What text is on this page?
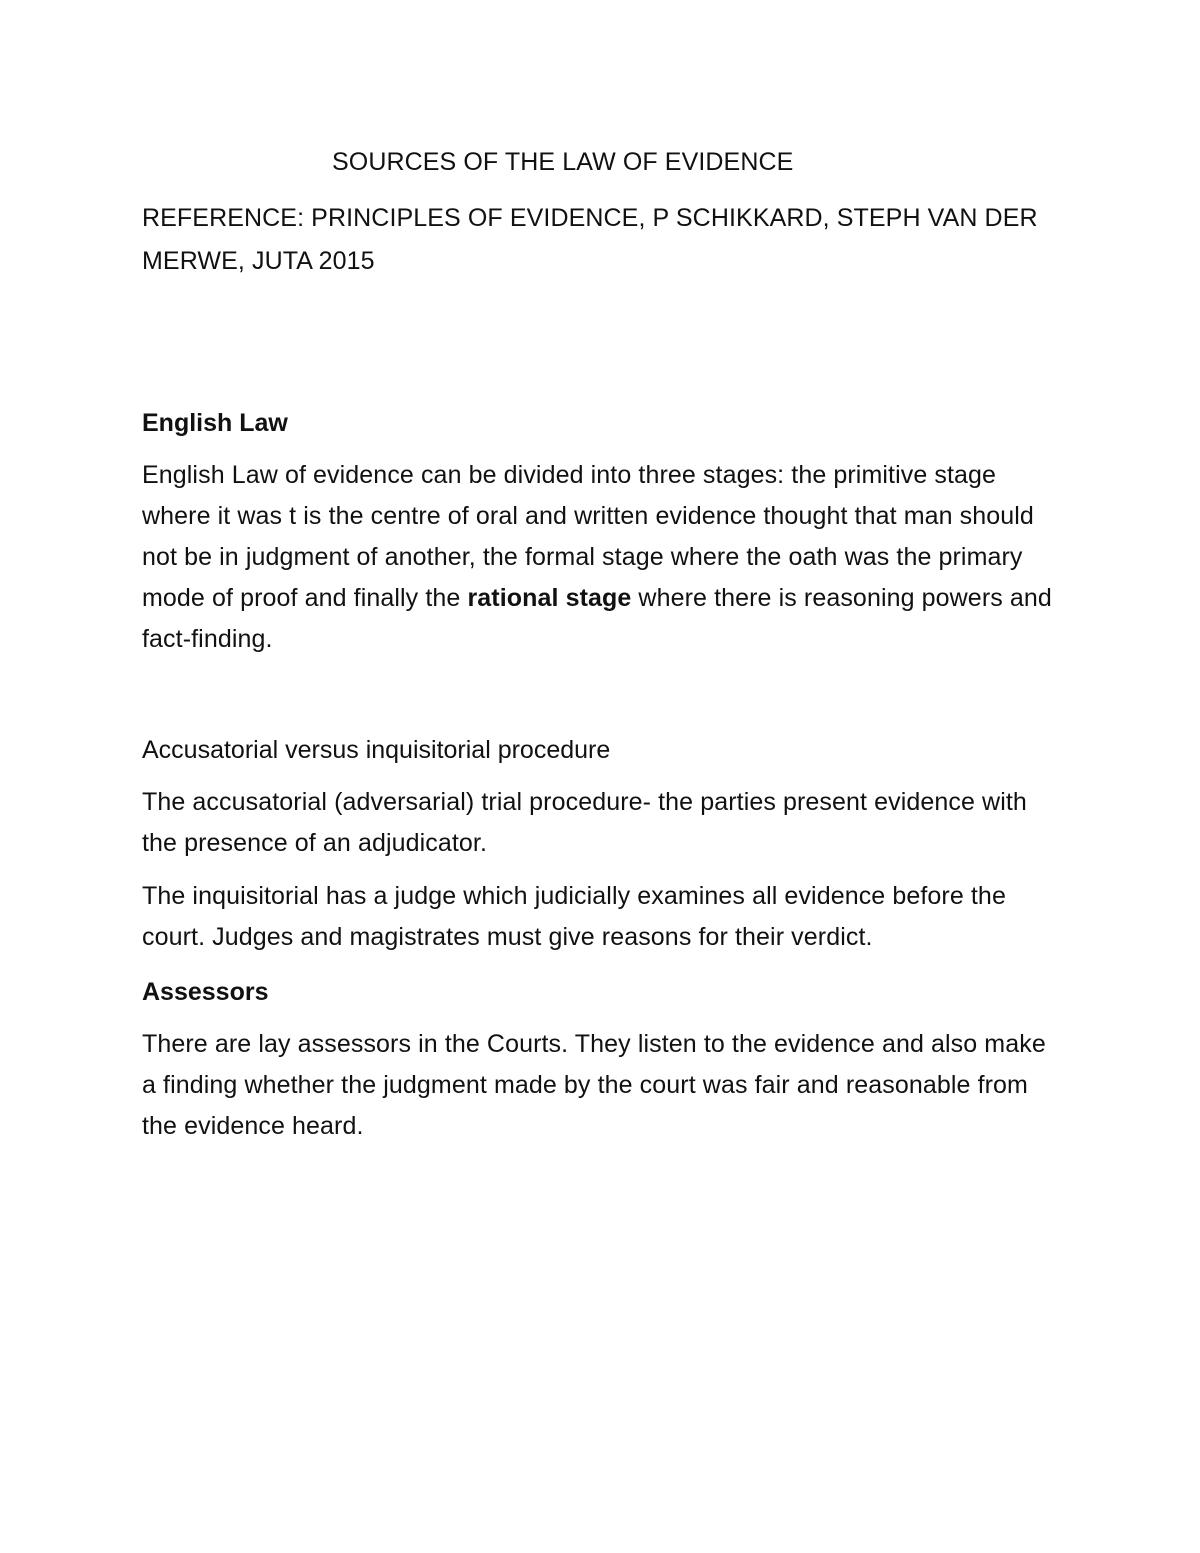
SOURCES OF THE LAW OF EVIDENCE

REFERENCE: PRINCIPLES OF EVIDENCE, P SCHIKKARD, STEPH VAN DER
MERWE, JUTA 2015

English Law

English Law of evidence can be divided into three stages: the primitive stage where it was t is the centre of oral and written evidence thought that man should not be in judgment of another, the formal stage where the oath was the primary mode of proof and finally the rational stage where there is reasoning powers and fact-finding.

Accusatorial versus inquisitorial procedure

The accusatorial (adversarial) trial procedure- the parties present evidence with the presence of an adjudicator.

The inquisitorial has a judge which judicially examines all evidence before the court. Judges and magistrates must give reasons for their verdict.

Assessors

There are lay assessors in the Courts. They listen to the evidence and also make a finding whether the judgment made by the court was fair and reasonable from the evidence heard.
